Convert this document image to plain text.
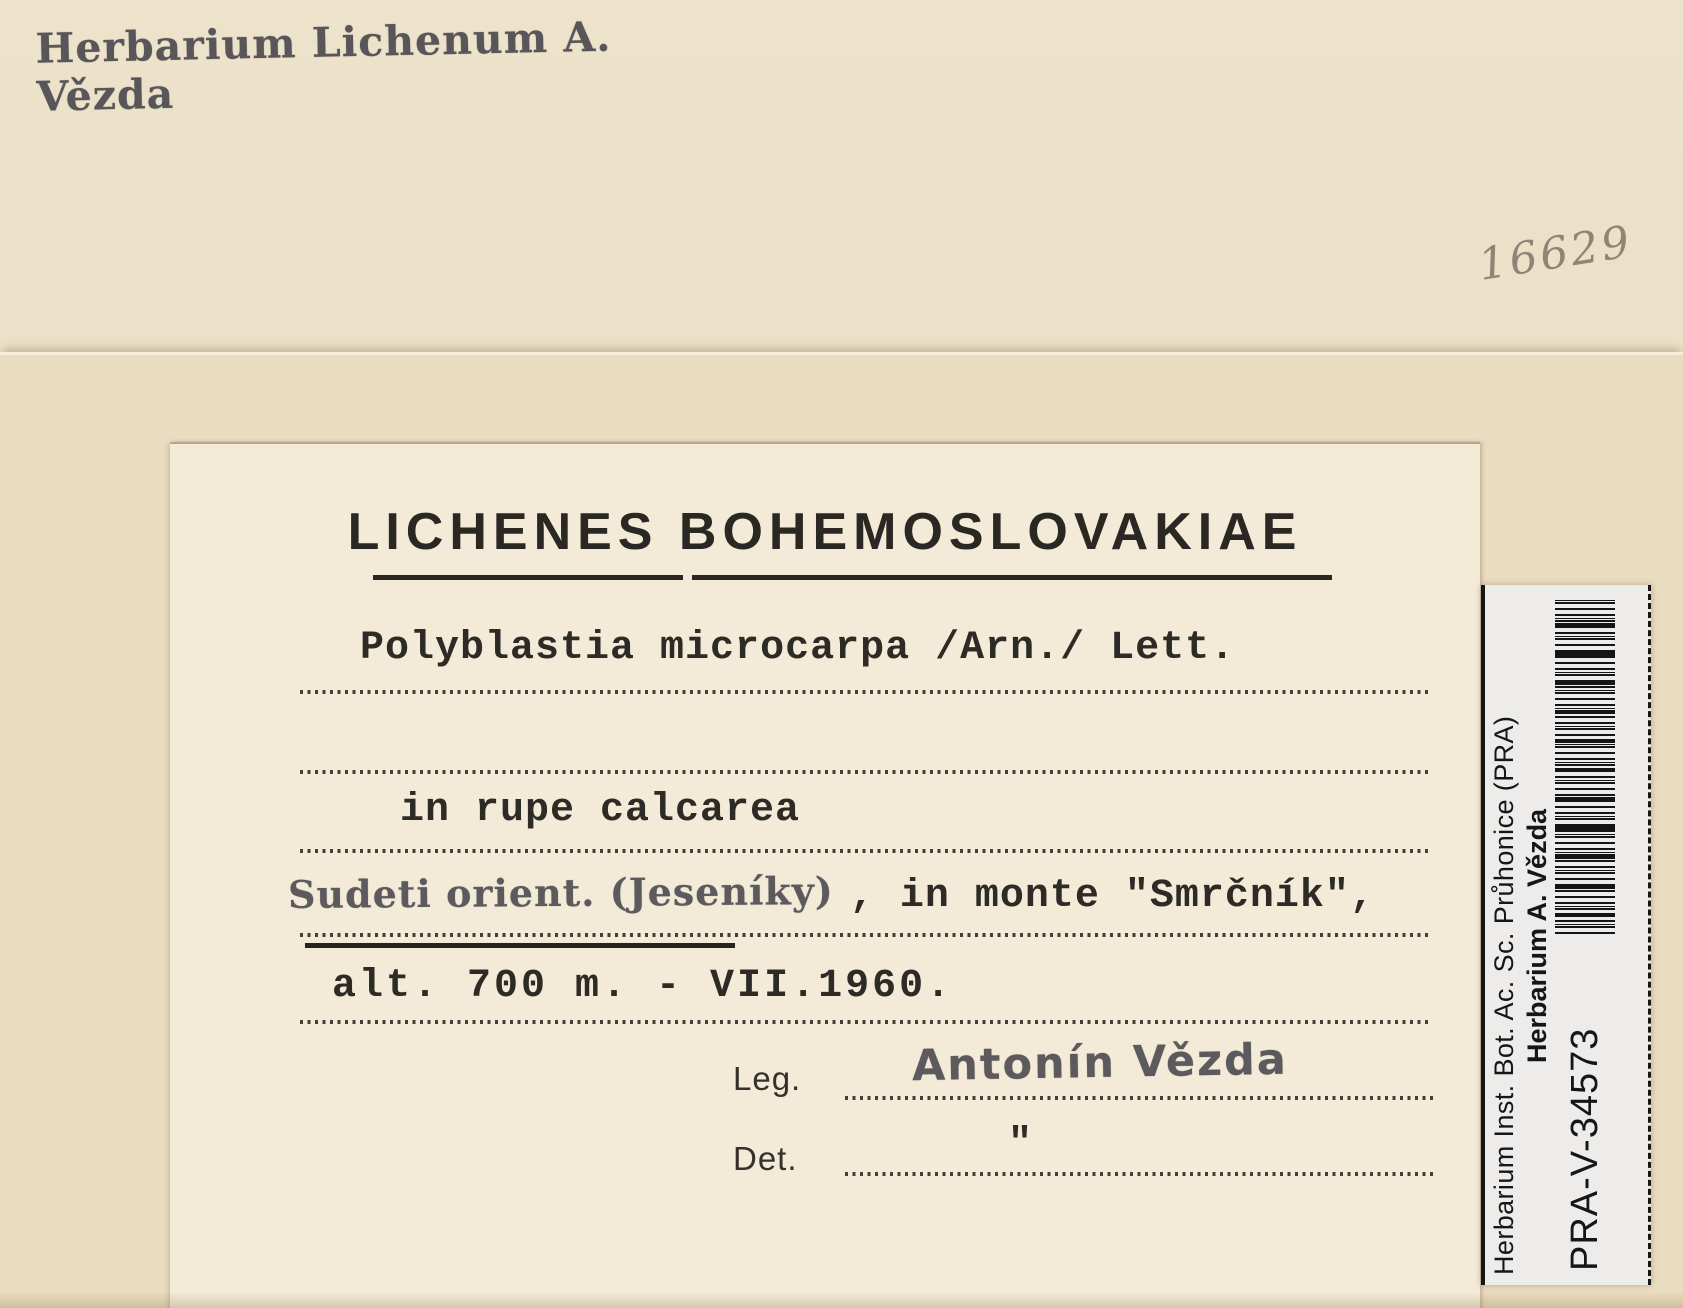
Herbarium Lichenum A. Vězda
16629
LICHENES BOHEMOSLOVAKIAE
Polyblastia microcarpa /Arn./ Lett.
in rupe calcarea
Sudeti orient. (Jeseníky) , in monte "Smrčník",
alt. 700 m. - VII.1960.
Leg.	Antonín Vězda
Det.	"	Herbarium Inst. Bot. Ac. Sc. Průhonice (PRA) Herbarium A. Vězda
PRA-V-34573
